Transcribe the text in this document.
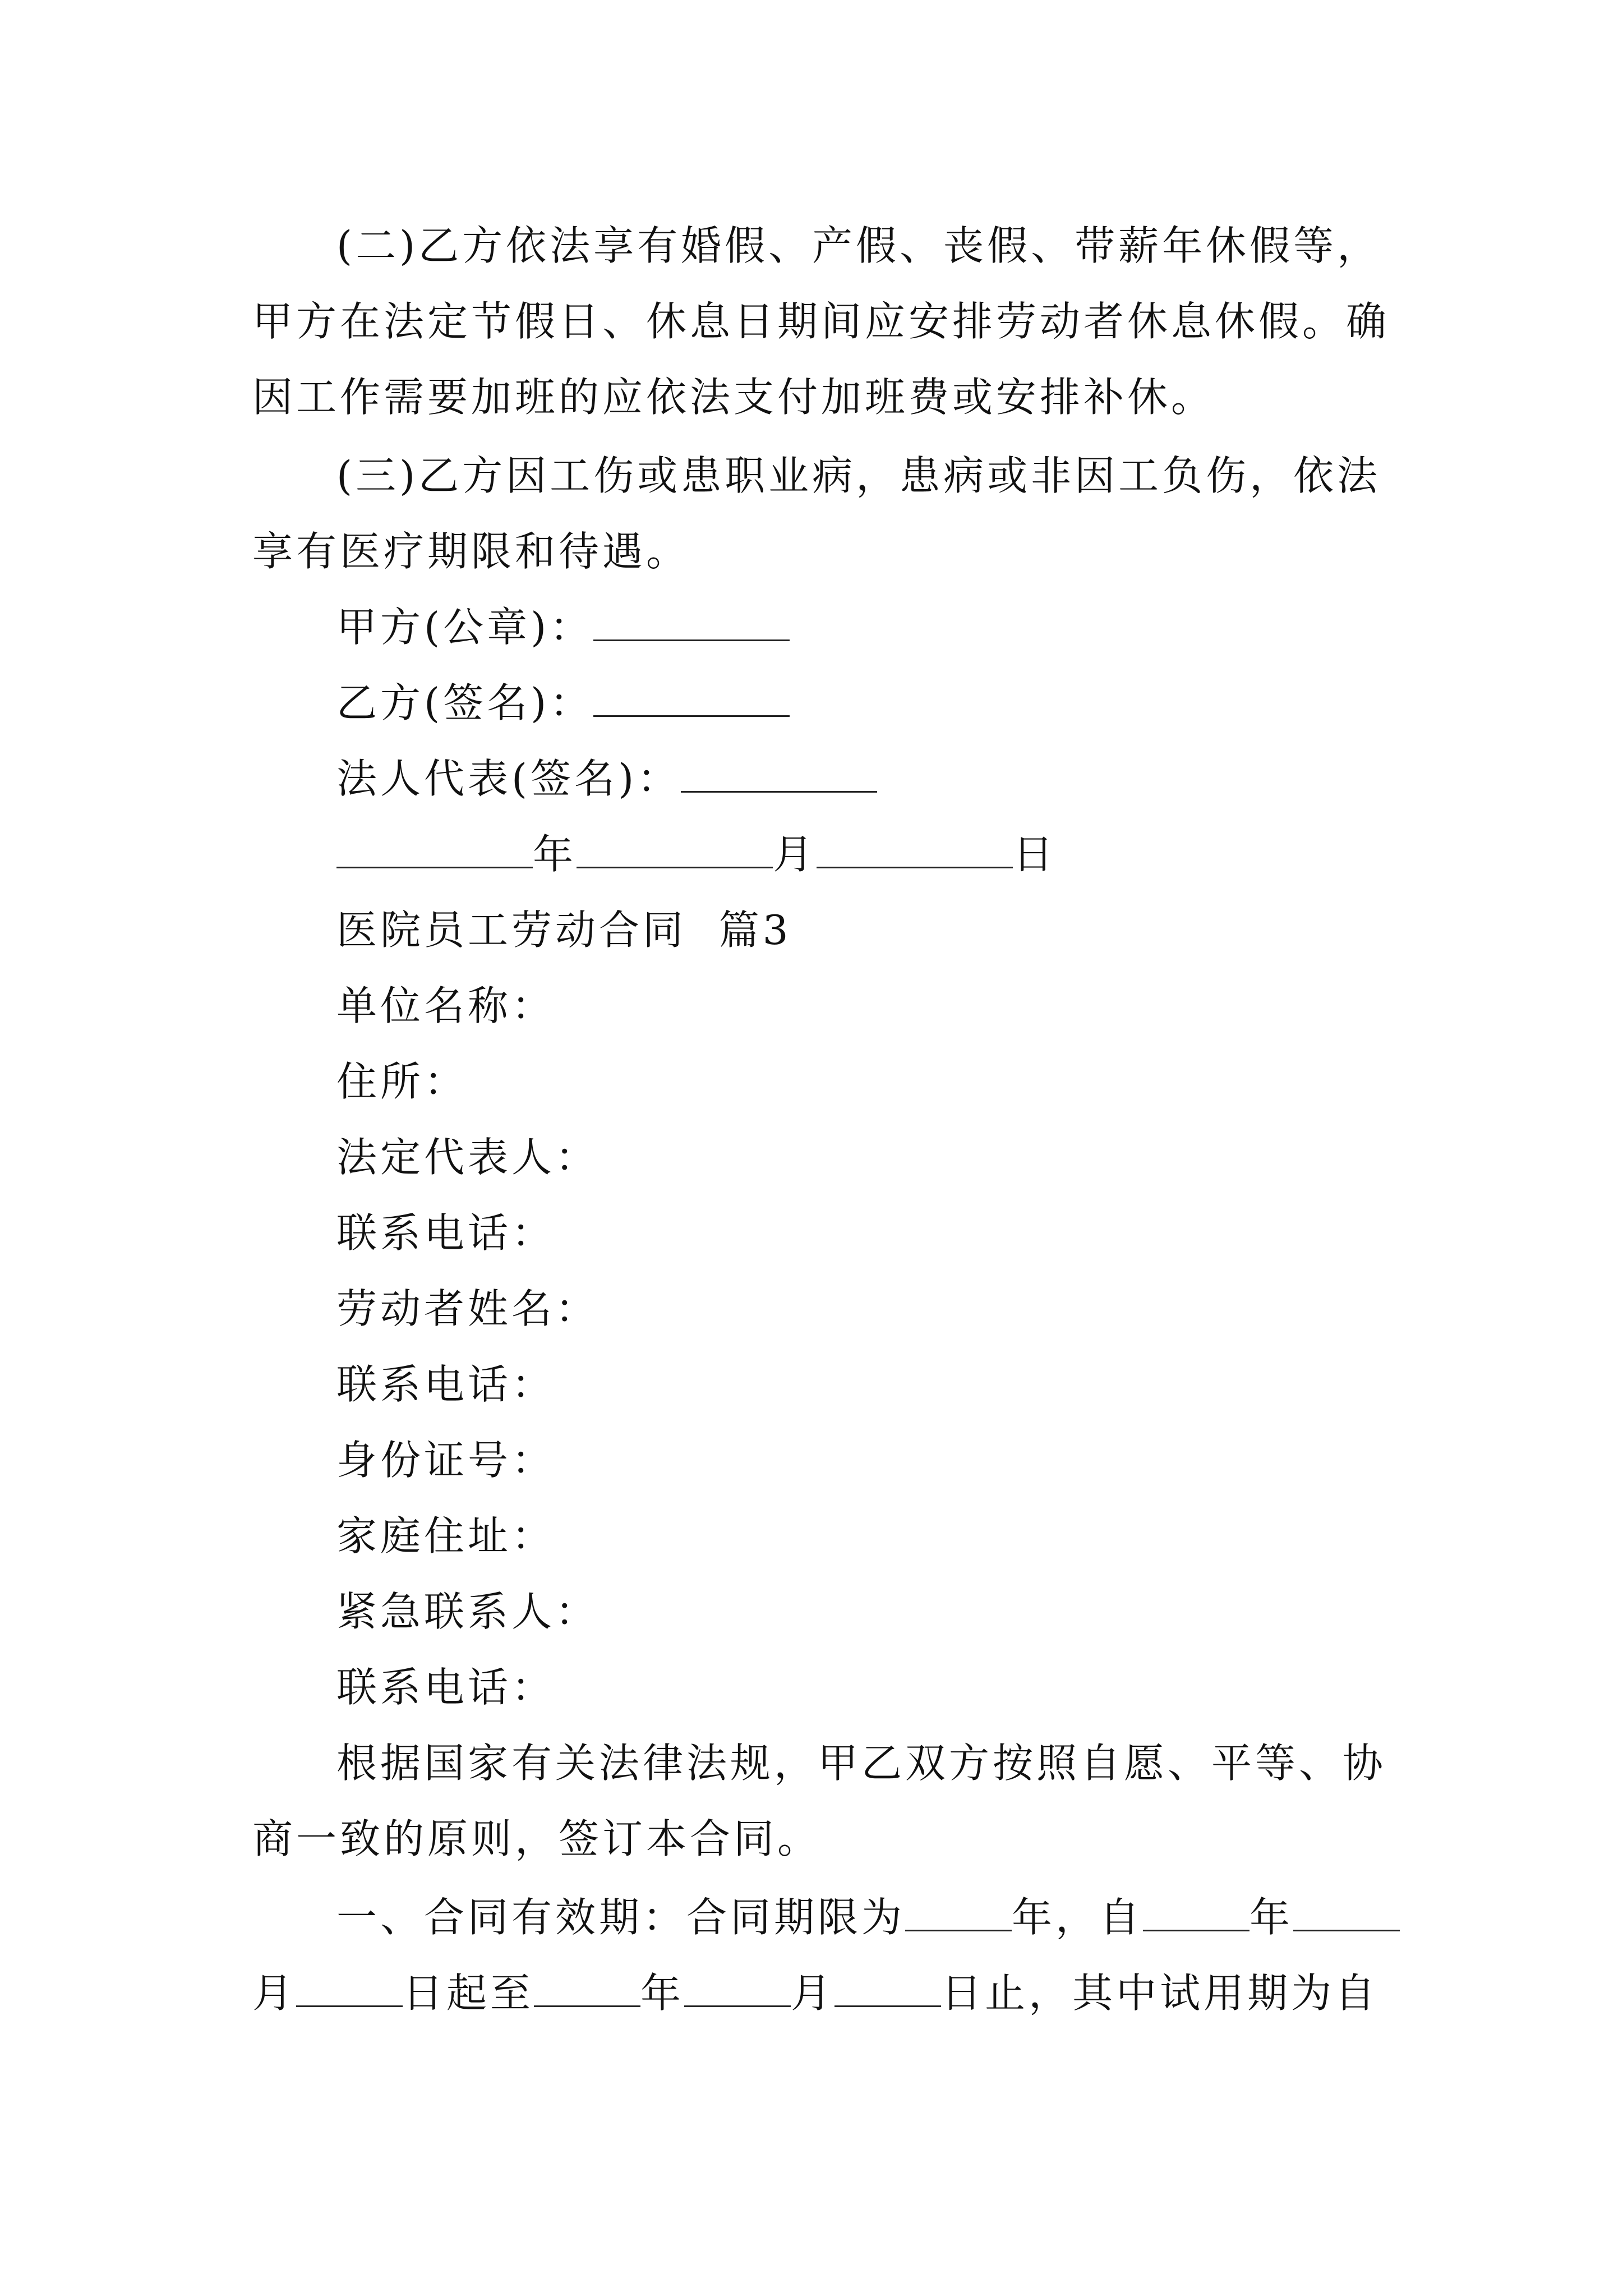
(二)乙方依法享有婚假、产假、丧假、带薪年休假等，
甲方在法定节假日、休息日期间应安排劳动者休息休假。确
因工作需要加班的应依法支付加班费或安排补休。
(三)乙方因工伤或患职业病，患病或非因工负伤，依法
享有医疗期限和待遇。
甲方(公章)：
乙方(签名)：
法人代表(签名)：
年	月	日
医院员工劳动合同  篇3
单位名称：
住所：
法定代表人：
联系电话：
劳动者姓名：
联系电话：
身份证号：
家庭住址：
紧急联系人：
联系电话：
根据国家有关法律法规，甲乙双方按照自愿、平等、协
商一致的原则，签订本合同。
一、合同有效期：合同期限为	年，自	年
月	日起至	年	月	日止，其中试用期为自
